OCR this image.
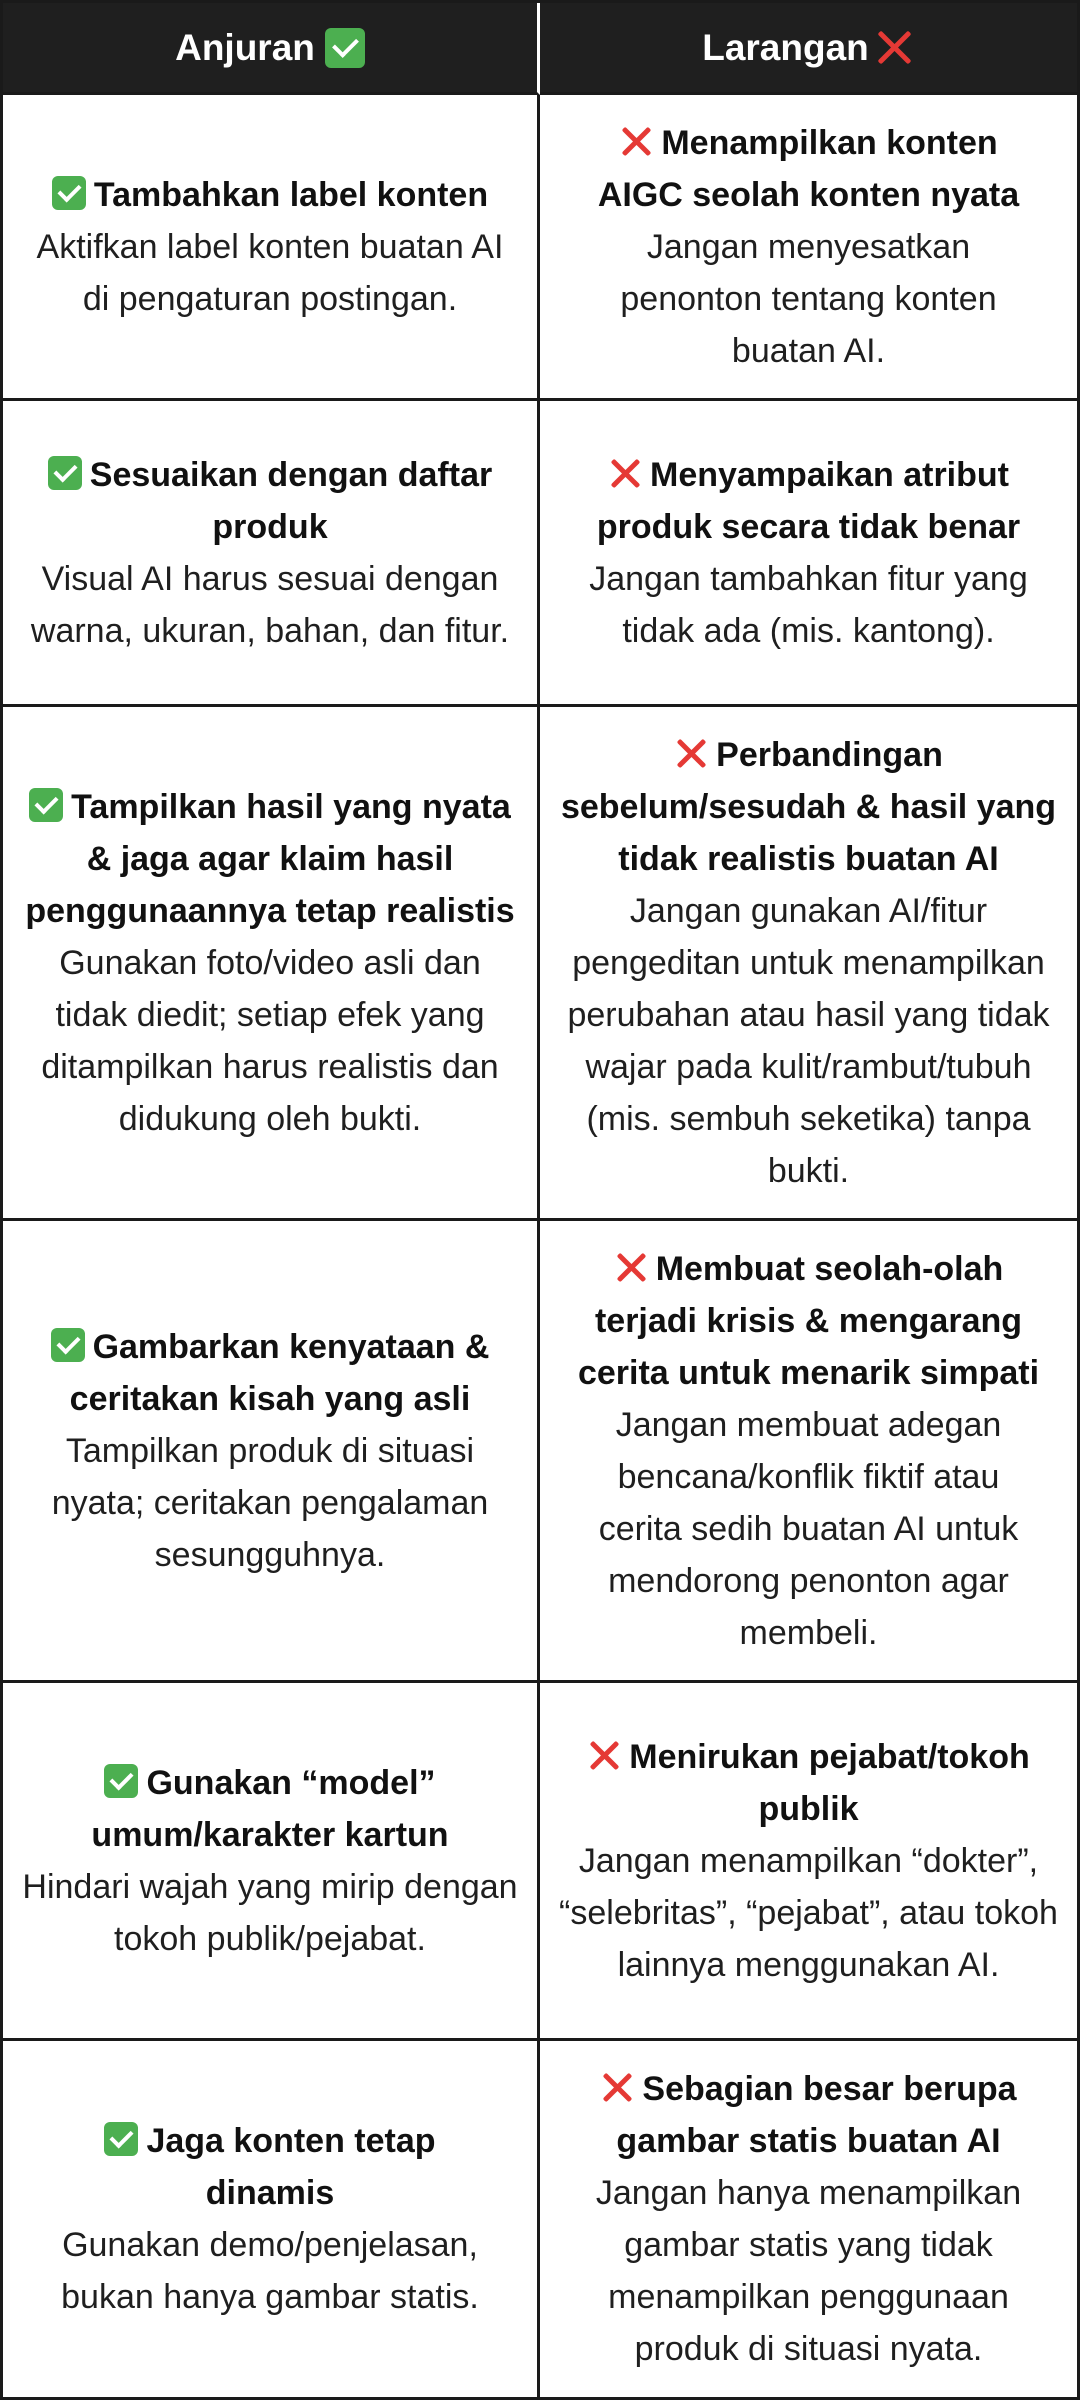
Anjuran	Larangan
Tambahkan label konten
Aktifkan label konten buatan AI di pengaturan postingan.
Menampilkan konten AIGC seolah konten nyata
Jangan menyesatkan penonton tentang konten buatan AI.
Sesuaikan dengan daftar produk
Visual AI harus sesuai dengan warna, ukuran, bahan, dan fitur.
Menyampaikan atribut produk secara tidak benar
Jangan tambahkan fitur yang tidak ada (mis. kantong).
Tampilkan hasil yang nyata & jaga agar klaim hasil penggunaannya tetap realistis
Gunakan foto/video asli dan tidak diedit; setiap efek yang ditampilkan harus realistis dan didukung oleh bukti.
Perbandingan sebelum/sesudah & hasil yang tidak realistis buatan AI
Jangan gunakan AI/fitur pengeditan untuk menampilkan perubahan atau hasil yang tidak wajar pada kulit/rambut/tubuh (mis. sembuh seketika) tanpa bukti.
Gambarkan kenyataan & ceritakan kisah yang asli
Tampilkan produk di situasi nyata; ceritakan pengalaman sesungguhnya.
Membuat seolah-olah terjadi krisis & mengarang cerita untuk menarik simpati
Jangan membuat adegan bencana/konflik fiktif atau cerita sedih buatan AI untuk mendorong penonton agar membeli.
Gunakan “model” umum/karakter kartun
Hindari wajah yang mirip dengan tokoh publik/pejabat.
Menirukan pejabat/tokoh publik
Jangan menampilkan “dokter”, “selebritas”, “pejabat”, atau tokoh lainnya menggunakan AI.
Jaga konten tetap dinamis
Gunakan demo/penjelasan, bukan hanya gambar statis.
Sebagian besar berupa gambar statis buatan AI
Jangan hanya menampilkan gambar statis yang tidak menampilkan penggunaan produk di situasi nyata.
